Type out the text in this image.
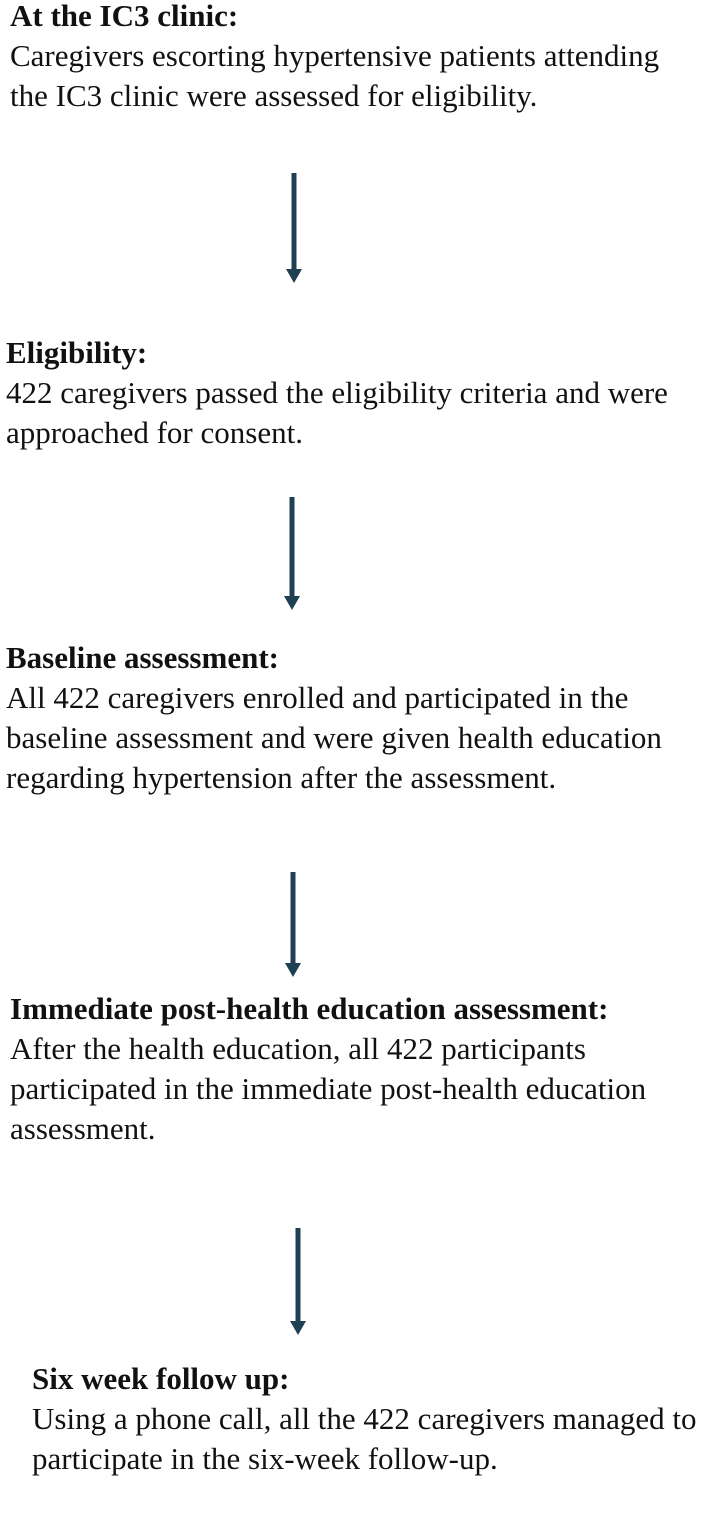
At the IC3 clinic:
Caregivers escorting hypertensive patients attending the IC3 clinic were assessed for eligibility.
Eligibility:
422 caregivers passed the eligibility criteria and were approached for consent.
Baseline assessment:
All 422 caregivers enrolled and participated in the baseline assessment and were given health education regarding hypertension after the assessment.
Immediate post-health education assessment:
After the health education, all 422 participants participated in the immediate post-health education assessment.
Six week follow up:
Using a phone call, all the 422 caregivers managed to participate in the six-week follow-up.
